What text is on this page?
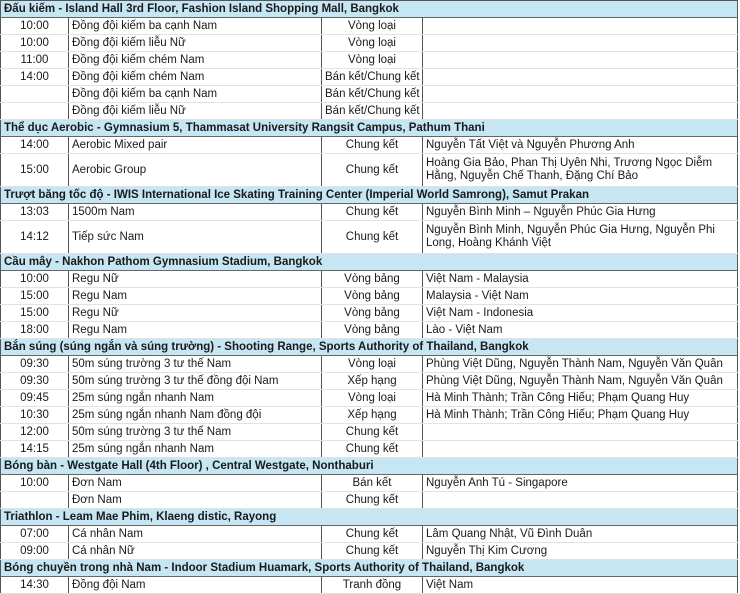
Đấu kiếm - Island Hall 3rd Floor, Fashion Island Shopping Mall, Bangkok			
10:00	Đồng đội kiếm ba cạnh Nam	Vòng loại	
10:00	Đồng đội kiếm liễu Nữ	Vòng loại	
11:00	Đồng đội kiếm chém Nam	Vòng loại	
14:00	Đồng đội kiếm chém Nam	Bán kết/Chung kết	
	Đồng đội kiếm ba cạnh Nam	Bán kết/Chung kết	
	Đồng đội kiếm liễu Nữ	Bán kết/Chung kết	
Thể dục Aerobic - Gymnasium 5, Thammasat University Rangsit Campus, Pathum Thani			
14:00	Aerobic Mixed pair	Chung kết	Nguyễn Tất Việt và Nguyễn Phương Anh
15:00	Aerobic Group	Chung kết	Hoàng Gia Bảo, Phan Thị Uyên Nhi, Trương Ngọc Diễm Hằng, Nguyễn Chế Thanh, Đặng Chí Bảo
Trượt băng tốc độ - IWIS International Ice Skating Training Center (Imperial World Samrong), Samut Prakan			
13:03	1500m Nam	Chung kết	Nguyễn Bình Minh – Nguyễn Phúc Gia Hưng
14:12	Tiếp sức Nam	Chung kết	Nguyễn Bình Minh, Nguyễn Phúc Gia Hưng, Nguyễn Phi Long, Hoàng Khánh Việt
Cầu mây - Nakhon Pathom Gymnasium Stadium, Bangkok			
10:00	Regu Nữ	Vòng bảng	Việt Nam - Malaysia
15:00	Regu Nam	Vòng bảng	Malaysia - Việt Nam
15:00	Regu Nữ	Vòng bảng	Việt Nam - Indonesia
18:00	Regu Nam	Vòng bảng	Lào - Việt Nam
Bắn súng (súng ngắn và súng trường) - Shooting Range, Sports Authority of Thailand, Bangkok			
09:30	50m súng trường 3 tư thế Nam	Vòng loại	Phùng Việt Dũng, Nguyễn Thành Nam, Nguyễn Văn Quân
09:30	50m súng trường 3 tư thế đồng đội Nam	Xếp hạng	Phùng Việt Dũng, Nguyễn Thành Nam, Nguyễn Văn Quân
09:45	25m súng ngắn nhanh Nam	Vòng loại	Hà Minh Thành; Trần Công Hiếu; Phạm Quang Huy
10:30	25m súng ngắn nhanh Nam đồng đội	Xếp hạng	Hà Minh Thành; Trần Công Hiếu; Phạm Quang Huy
12:00	50m súng trường 3 tư thế Nam	Chung kết	
14:15	25m súng ngắn nhanh Nam	Chung kết	
Bóng bàn - Westgate Hall (4th Floor) , Central Westgate, Nonthaburi			
10:00	Đơn Nam	Bán kết	Nguyễn Anh Tú - Singapore
	Đơn Nam	Chung kết	
Triathlon - Leam Mae Phim, Klaeng distic, Rayong			
07:00	Cá nhân Nam	Chung kết	Lâm Quang Nhật, Vũ Đình Duân
09:00	Cá nhân Nữ	Chung kết	Nguyễn Thị Kim Cương
Bóng chuyền trong nhà Nam - Indoor Stadium Huamark, Sports Authority of Thailand, Bangkok			
14:30	Đồng đội Nam	Tranh đồng	Việt Nam
